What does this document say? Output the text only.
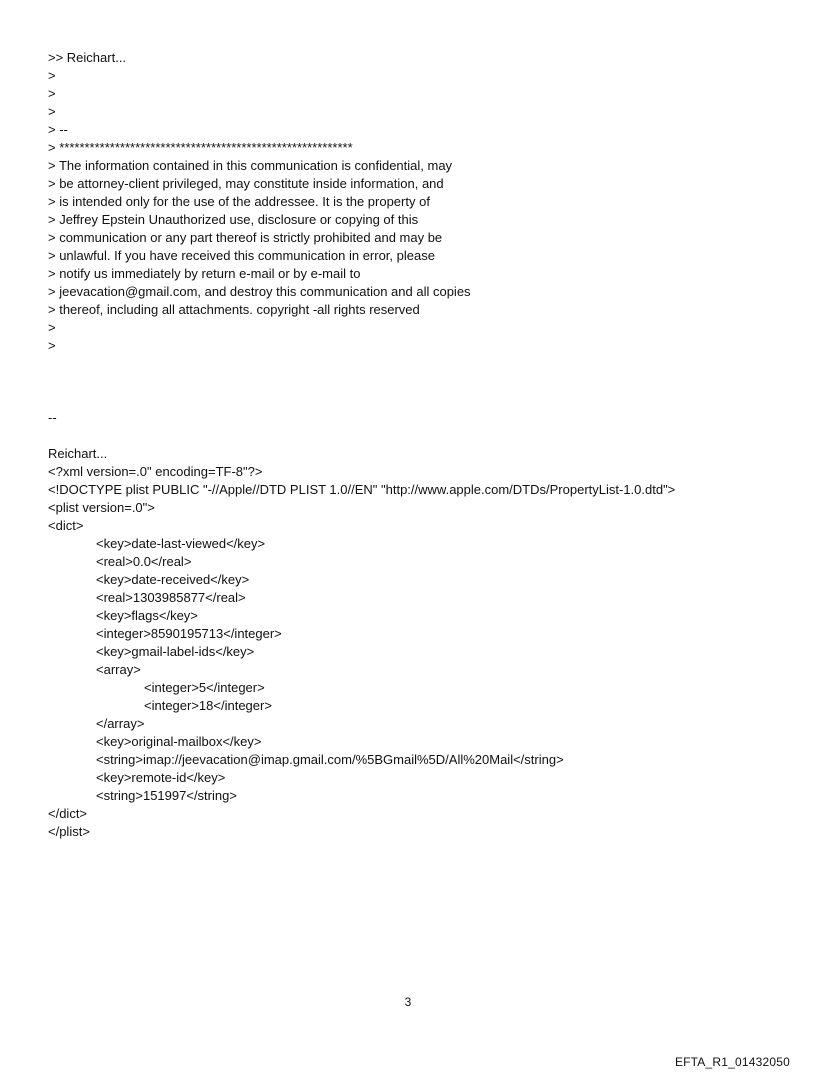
>> Reichart...

>

>

>

> --

> **********************************************************

> The information contained in this communication is confidential, may

> be attorney-client privileged, may constitute inside information, and

> is intended only for the use of the addressee. It is the property of

> Jeffrey Epstein Unauthorized use, disclosure or copying of this

> communication or any part thereof is strictly prohibited and may be

> unlawful. If you have received this communication in error, please

> notify us immediately by return e-mail or by e-mail to

> jeevacation@gmail.com, and destroy this communication and all copies

> thereof, including all attachments. copyright -all rights reserved

>

>

--

Reichart...

<?xml version=.0" encoding=TF-8"?>

<!DOCTYPE plist PUBLIC "-//Apple//DTD PLIST 1.0//EN" "http://www.apple.com/DTDs/PropertyList-1.0.dtd">

<plist version=.0">

<dict>

<key>date-last-viewed</key>

<real>0.0</real>

<key>date-received</key>

<real>1303985877</real>

<key>flags</key>

<integer>8590195713</integer>

<key>gmail-label-ids</key>

<array>

<integer>5</integer>

<integer>18</integer>

</array>

<key>original-mailbox</key>

<string>imap://jeevacation@imap.gmail.com/%5BGmail%5D/All%20Mail</string>

<key>remote-id</key>

<string>151997</string>

</dict>

</plist>

3
EFTA_R1_01432050
